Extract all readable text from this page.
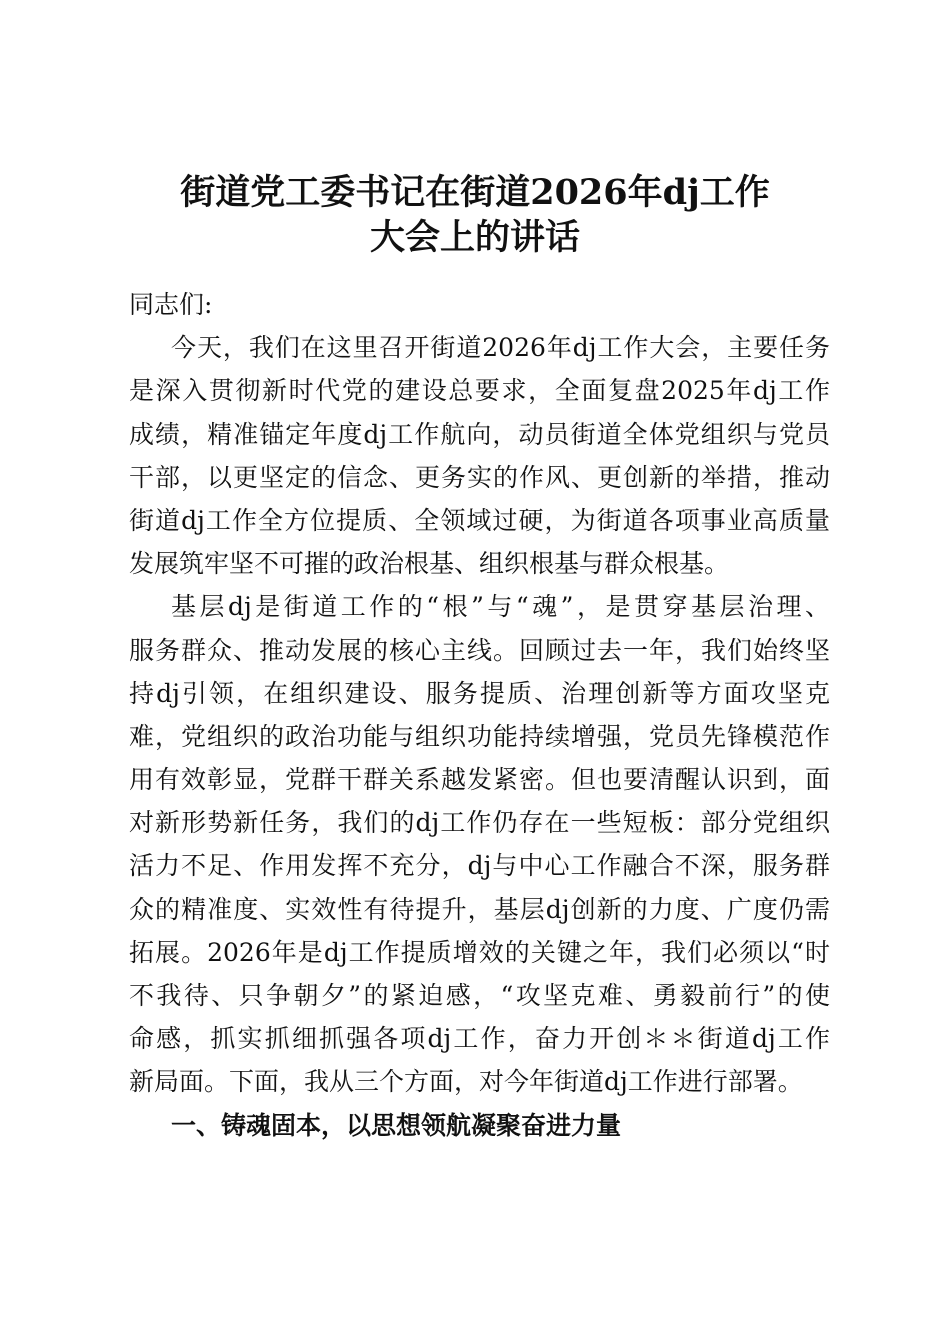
街道党工委书记在街道2026年dj工作
大会上的讲话
同志们:
今天，我们在这里召开街道2026年dj工作大会，主要任务
是深入贯彻新时代党的建设总要求，全面复盘2025年dj工作
成绩，精准锚定年度dj工作航向，动员街道全体党组织与党员
干部，以更坚定的信念、更务实的作风、更创新的举措，推动
街道dj工作全方位提质、全领域过硬，为街道各项事业高质量
发展筑牢坚不可摧的政治根基、组织根基与群众根基。
基层dj是街道工作的“根”与“魂”，是贯穿基层治理、
服务群众、推动发展的核心主线。回顾过去一年，我们始终坚
持dj引领，在组织建设、服务提质、治理创新等方面攻坚克
难，党组织的政治功能与组织功能持续增强，党员先锋模范作
用有效彰显，党群干群关系越发紧密。但也要清醒认识到，面
对新形势新任务，我们的dj工作仍存在一些短板：部分党组织
活力不足、作用发挥不充分，dj与中心工作融合不深，服务群
众的精准度、实效性有待提升，基层dj创新的力度、广度仍需
拓展。2026年是dj工作提质增效的关键之年，我们必须以“时
不我待、只争朝夕”的紧迫感，“攻坚克难、勇毅前行”的使
命感，抓实抓细抓强各项dj工作，奋力开创＊＊街道dj工作
新局面。下面，我从三个方面，对今年街道dj工作进行部署。
一、铸魂固本，以思想领航凝聚奋进力量
